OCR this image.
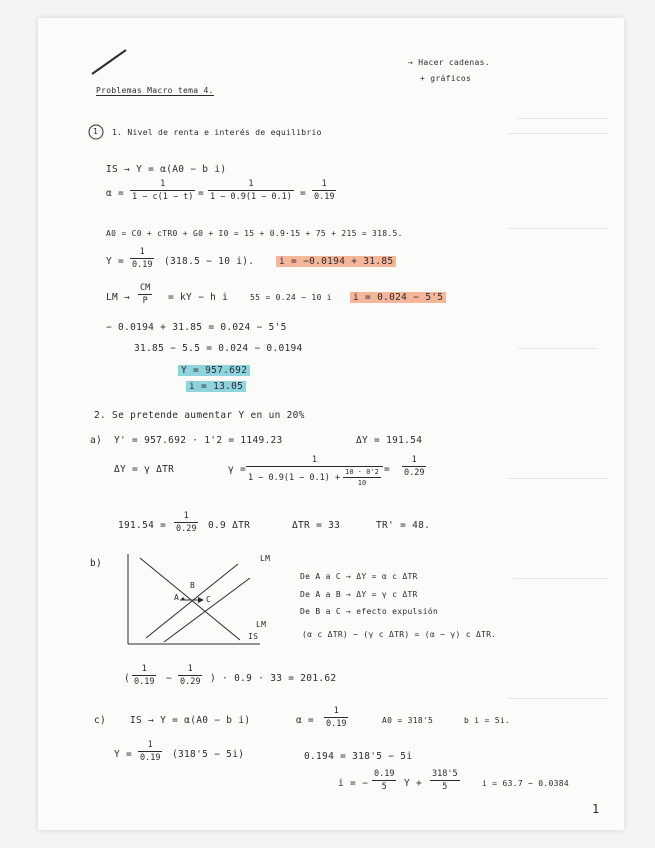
→ Hacer cadenas.
+ gráficos
Problemas Macro tema 4.
1 1. Nivel de renta e interés de equilibrio
IS → Y = α(A0 − b i)
α =
1
1 − c(1 − t) =
1
1 − 0.9(1 − 0.1) =
1
0.19
A0 = C0 + cTR0 + G0 + I0 = 15 + 0.9·15 + 75 + 215 = 318.5.
Y =
1
0.19 (318.5 − 10 i).	i = −0.0194 + 31.85
LM →
CM
P = kY − h i	55 = 0.24 − 10 i	i = 0.024 − 5'5
− 0.0194 + 31.85 = 0.024 − 5'5
31.85 − 5.5 = 0.024 − 0.0194
Y = 957.692
i = 13.05
2. Se pretende aumentar Y en un 20%
a) Y' = 957.692 · 1'2 = 1149.23	ΔY = 191.54
ΔY = γ ΔTR	γ =
1
1 − 0.9(1 − 0.1) +
10 · 0'2
10
=
1
0.29
191.54 =
1
0.29 0.9 ΔTR	ΔTR = 33	TR' = 48.
b)	LM
LM
IS
A
B
C
De A a C → ΔY = α c ΔTR
De A a B → ΔY = γ c ΔTR
De B a C → efecto expulsión
(α c ΔTR) − (γ c ΔTR) = (α − γ) c ΔTR.
(
1
0.19 −
1
0.29 ) · 0.9 · 33 = 201.62
c)	IS → Y = α(A0 − b i)	α =
1
0.19	A0 = 318'5	b i = 5i.
Y =
1
0.19 (318'5 − 5i)	0.194 = 318'5 − 5i
i = −
0.19
5 Y +
318'5
5	i = 63.7 − 0.0384
1
